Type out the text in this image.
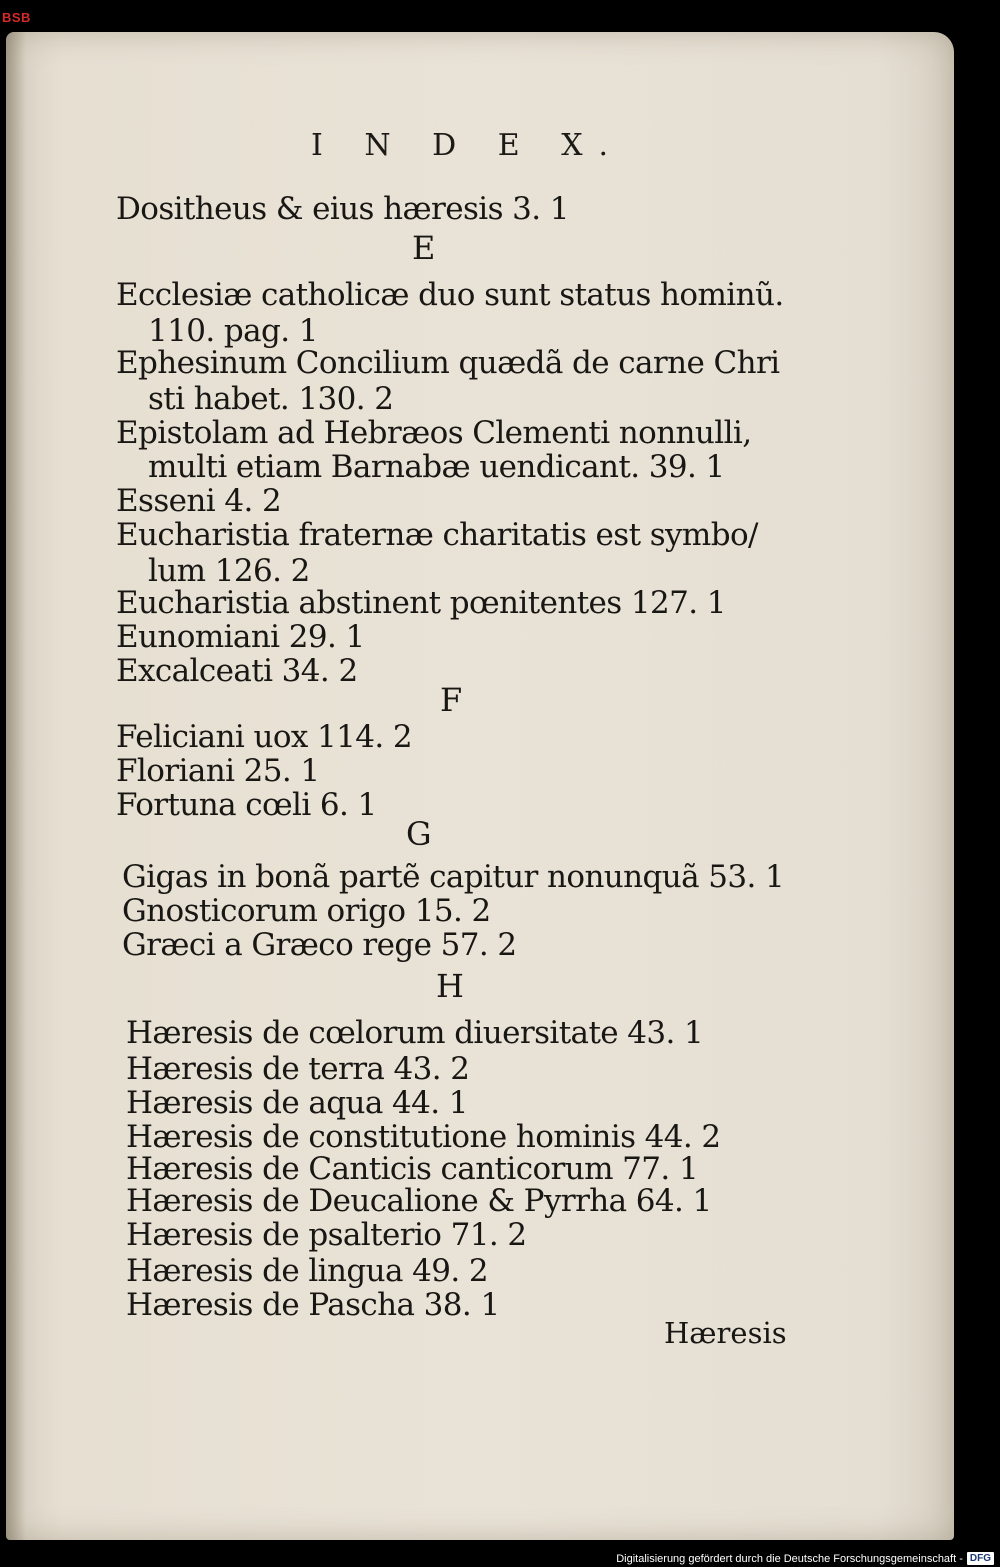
BSB
I N D E X.
Dositheus & eius hæresis 3. 1
E
Ecclesiæ catholicæ duo sunt status hominũ.
110. pag. 1
Ephesinum Concilium quædã de carne Chri
sti habet. 130. 2
Epistolam ad Hebræos Clementi nonnulli,
multi etiam Barnabæ uendicant. 39. 1
Esseni 4. 2
Eucharistia fraternæ charitatis est symbo/
lum 126. 2
Eucharistia abstinent pœnitentes 127. 1
Eunomiani 29. 1
Excalceati 34. 2
F
Feliciani uox 114. 2
Floriani 25. 1
Fortuna cœli 6. 1
G
Gigas in bonã partẽ capitur nonunquã 53. 1
Gnosticorum origo 15. 2
Græci a Græco rege 57. 2
H
Hæresis de cœlorum diuersitate 43. 1
Hæresis de terra 43. 2
Hæresis de aqua 44. 1
Hæresis de constitutione hominis 44. 2
Hæresis de Canticis canticorum 77. 1
Hæresis de Deucalione & Pyrrha 64. 1
Hæresis de psalterio 71. 2
Hæresis de lingua 49. 2
Hæresis de Pascha 38. 1
Hæresis
Digitalisierung gefördert durch die Deutsche Forschungsgemeinschaft - DFG
